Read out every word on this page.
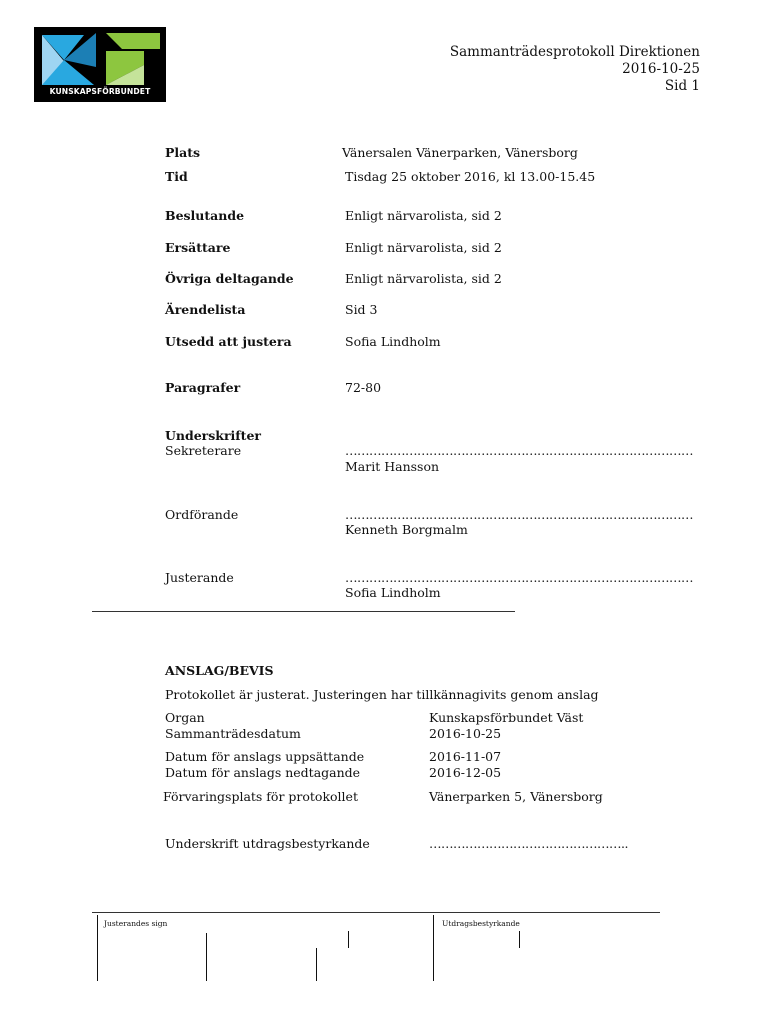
KUNSKAPSFÖRBUNDET
Sammanträdesprotokoll Direktionen
2016-10-25
Sid 1
Plats	Vänersalen Vänerparken, Vänersborg
Tid	Tisdag 25 oktober 2016, kl 13.00-15.45
Beslutande	Enligt närvarolista, sid 2
Ersättare	Enligt närvarolista, sid 2
Övriga deltagande	Enligt närvarolista, sid 2
Ärendelista	Sid 3
Utsedd att justera	Sofia Lindholm
Paragrafer	72-80
Underskrifter
Sekreterare	……………………………………………………………………………
Marit Hansson
Ordförande	……………………………………………………………………………
Kenneth Borgmalm
Justerande	……………………………………………………………………………
Sofia Lindholm
ANSLAG/BEVIS
Protokollet är justerat. Justeringen har tillkännagivits genom anslag
Organ	Kunskapsförbundet Väst
Sammanträdesdatum	2016-10-25
Datum för anslags uppsättande	2016-11-07
Datum för anslags nedtagande	2016-12-05
Förvaringsplats för protokollet	Vänerparken 5, Vänersborg
Underskrift utdragsbestyrkande	…………………………………………..
Justerandes sign	Utdragsbestyrkande
